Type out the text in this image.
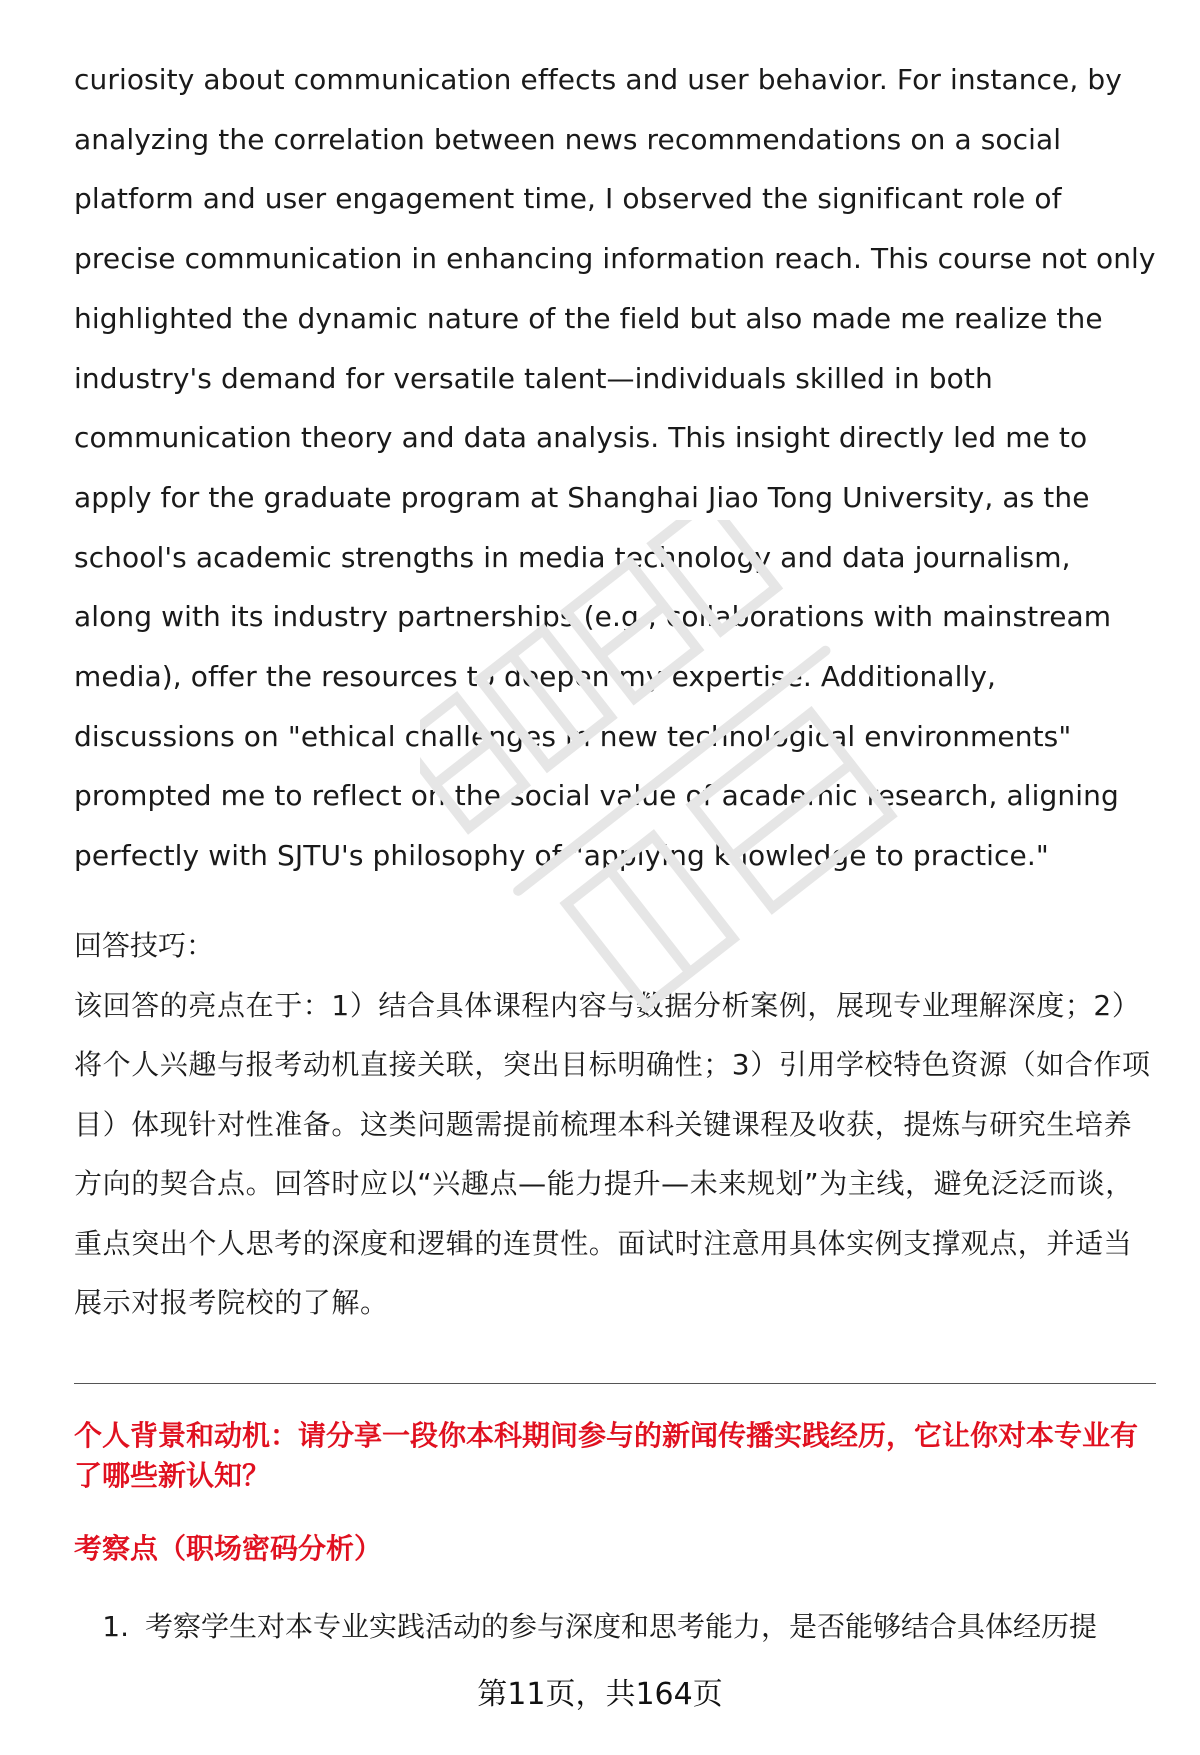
curiosity about communication effects and user behavior. For instance, by analyzing the correlation between news recommendations on a social platform and user engagement time, I observed the significant role of precise communication in enhancing information reach. This course not only highlighted the dynamic nature of the field but also made me realize the industry's demand for versatile talent—individuals skilled in both communication theory and data analysis. This insight directly led me to apply for the graduate program at Shanghai Jiao Tong University, as the school's academic strengths in media technology and data journalism, along with its industry partnerships (e.g., collaborations with mainstream media), offer the resources to deepen my expertise. Additionally, discussions on "ethical challenges in new technological environments" prompted me to reflect on the social value of academic research, aligning perfectly with SJTU's philosophy of "applying knowledge to practice."

回答技巧：

该回答的亮点在于：1）结合具体课程内容与数据分析案例，展现专业理解深度；2）将个人兴趣与报考动机直接关联，突出目标明确性；3）引用学校特色资源（如合作项目）体现针对性准备。这类问题需提前梳理本科关键课程及收获，提炼与研究生培养方向的契合点。回答时应以“兴趣点—能力提升—未来规划”为主线，避免泛泛而谈，重点突出个人思考的深度和逻辑的连贯性。面试时注意用具体实例支撑观点，并适当展示对报考院校的了解。

个人背景和动机：请分享一段你本科期间参与的新闻传播实践经历，它让你对本专业有了哪些新认知？

考察点（职场密码分析）

1. 考察学生对本专业实践活动的参与深度和思考能力，是否能够结合具体经历提
第11页，共164页
